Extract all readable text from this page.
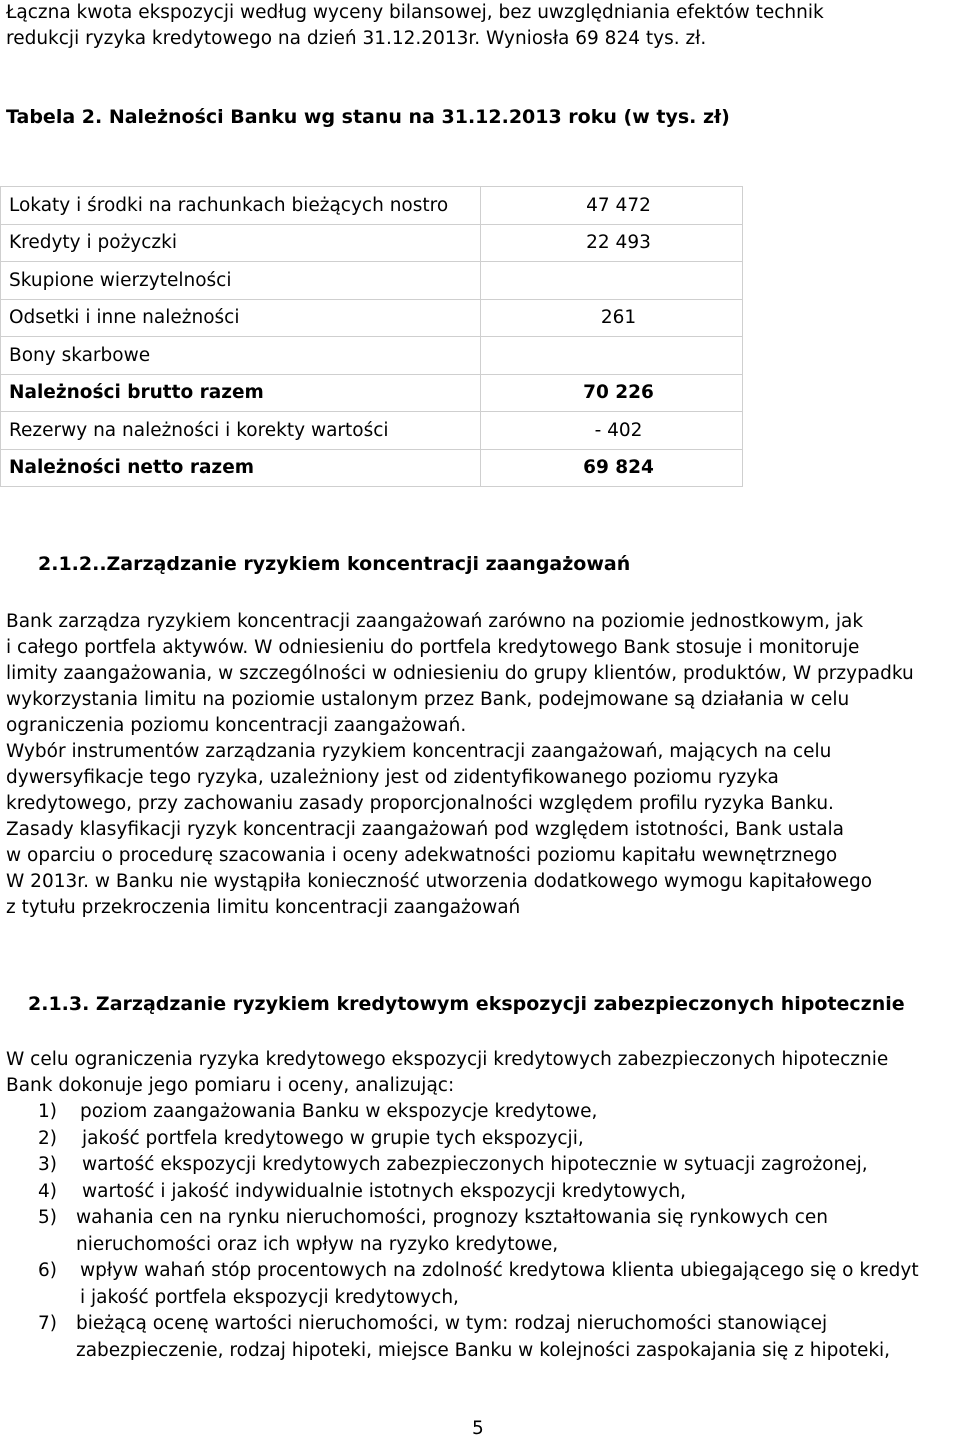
Łączna kwota ekspozycji według wyceny bilansowej, bez uwzględniania efektów technik
redukcji ryzyka kredytowego na dzień 31.12.2013r. Wyniosła 69 824 tys. zł.
Tabela 2. Należności Banku wg stanu na 31.12.2013 roku (w tys. zł)
Lokaty i środki na rachunkach bieżących nostro	47 472
Kredyty i pożyczki	22 493
Skupione wierzytelności	
Odsetki i inne należności	261
Bony skarbowe	
Należności brutto razem	70 226
Rezerwy na należności i korekty wartości	- 402
Należności netto razem	69 824
2.1.2..Zarządzanie ryzykiem koncentracji zaangażowań
Bank zarządza ryzykiem koncentracji zaangażowań zarówno na poziomie jednostkowym, jak
i całego portfela aktywów. W odniesieniu do portfela kredytowego Bank stosuje i monitoruje
limity zaangażowania, w szczególności w odniesieniu do grupy klientów, produktów, W przypadku
wykorzystania limitu na poziomie ustalonym przez Bank, podejmowane są działania w celu
ograniczenia poziomu koncentracji zaangażowań.
Wybór instrumentów zarządzania ryzykiem koncentracji zaangażowań, mających na celu
dywersyfikacje tego ryzyka, uzależniony jest od zidentyfikowanego poziomu ryzyka
kredytowego, przy zachowaniu zasady proporcjonalności względem profilu ryzyka Banku.
Zasady klasyfikacji ryzyk koncentracji zaangażowań pod względem istotności, Bank ustala
w oparciu o procedurę szacowania i oceny adekwatności poziomu kapitału wewnętrznego
W 2013r. w Banku nie wystąpiła konieczność utworzenia dodatkowego wymogu kapitałowego
z tytułu przekroczenia limitu koncentracji zaangażowań
2.1.3. Zarządzanie ryzykiem kredytowym ekspozycji zabezpieczonych hipotecznie
W celu ograniczenia ryzyka kredytowego ekspozycji kredytowych zabezpieczonych hipotecznie
Bank dokonuje jego pomiaru i oceny, analizując:
1) poziom zaangażowania Banku w ekspozycje kredytowe,
2) jakość portfela kredytowego w grupie tych ekspozycji,
3) wartość ekspozycji kredytowych zabezpieczonych hipotecznie w sytuacji zagrożonej,
4) wartość i jakość indywidualnie istotnych ekspozycji kredytowych,
5) wahania cen na rynku nieruchomości, prognozy kształtowania się rynkowych cen
nieruchomości oraz ich wpływ na ryzyko kredytowe,
6) wpływ wahań stóp procentowych na zdolność kredytowa klienta ubiegającego się o kredyt
i jakość portfela ekspozycji kredytowych,
7) bieżącą ocenę wartości nieruchomości, w tym: rodzaj nieruchomości stanowiącej
zabezpieczenie, rodzaj hipoteki, miejsce Banku w kolejności zaspokajania się z hipoteki,
5
